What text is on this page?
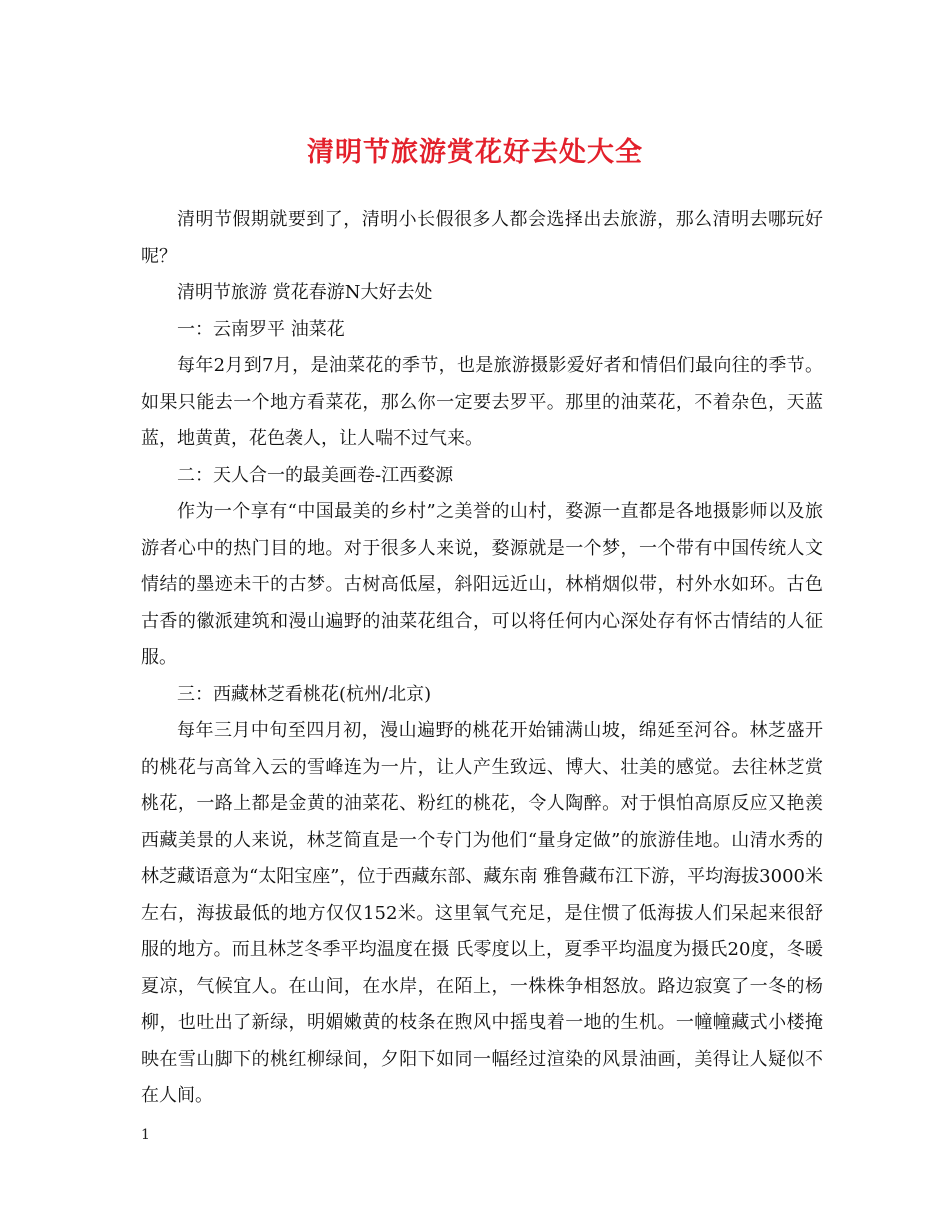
清明节旅游赏花好去处大全

清明节假期就要到了，清明小长假很多人都会选择出去旅游，那么清明去哪玩好呢？

清明节旅游 赏花春游N大好去处

一：云南罗平 油菜花

每年2月到7月，是油菜花的季节，也是旅游摄影爱好者和情侣们最向往的季节。如果只能去一个地方看菜花，那么你一定要去罗平。那里的油菜花，不着杂色，天蓝蓝，地黄黄，花色袭人，让人喘不过气来。

二：天人合一的最美画卷-江西婺源

作为一个享有“中国最美的乡村”之美誉的山村，婺源一直都是各地摄影师以及旅游者心中的热门目的地。对于很多人来说，婺源就是一个梦，一个带有中国传统人文情结的墨迹未干的古梦。古树高低屋，斜阳远近山，林梢烟似带，村外水如环。古色古香的徽派建筑和漫山遍野的油菜花组合，可以将任何内心深处存有怀古情结的人征服。

三：西藏林芝看桃花(杭州/北京)

每年三月中旬至四月初，漫山遍野的桃花开始铺满山坡，绵延至河谷。林芝盛开的桃花与高耸入云的雪峰连为一片，让人产生致远、博大、壮美的感觉。去往林芝赏桃花，一路上都是金黄的油菜花、粉红的桃花，令人陶醉。对于惧怕高原反应又艳羡西藏美景的人来说，林芝简直是一个专门为他们“量身定做”的旅游佳地。山清水秀的林芝藏语意为“太阳宝座”，位于西藏东部、藏东南 雅鲁藏布江下游，平均海拔3000米左右，海拔最低的地方仅仅152米。这里氧气充足，是住惯了低海拔人们呆起来很舒服的地方。而且林芝冬季平均温度在摄 氏零度以上，夏季平均温度为摄氏20度，冬暖夏凉，气候宜人。在山间，在水岸，在陌上，一株株争相怒放。路边寂寞了一冬的杨柳，也吐出了新绿，明媚嫩黄的枝条在煦风中摇曳着一地的生机。一幢幢藏式小楼掩映在雪山脚下的桃红柳绿间，夕阳下如同一幅经过渲染的风景油画，美得让人疑似不在人间。

1
